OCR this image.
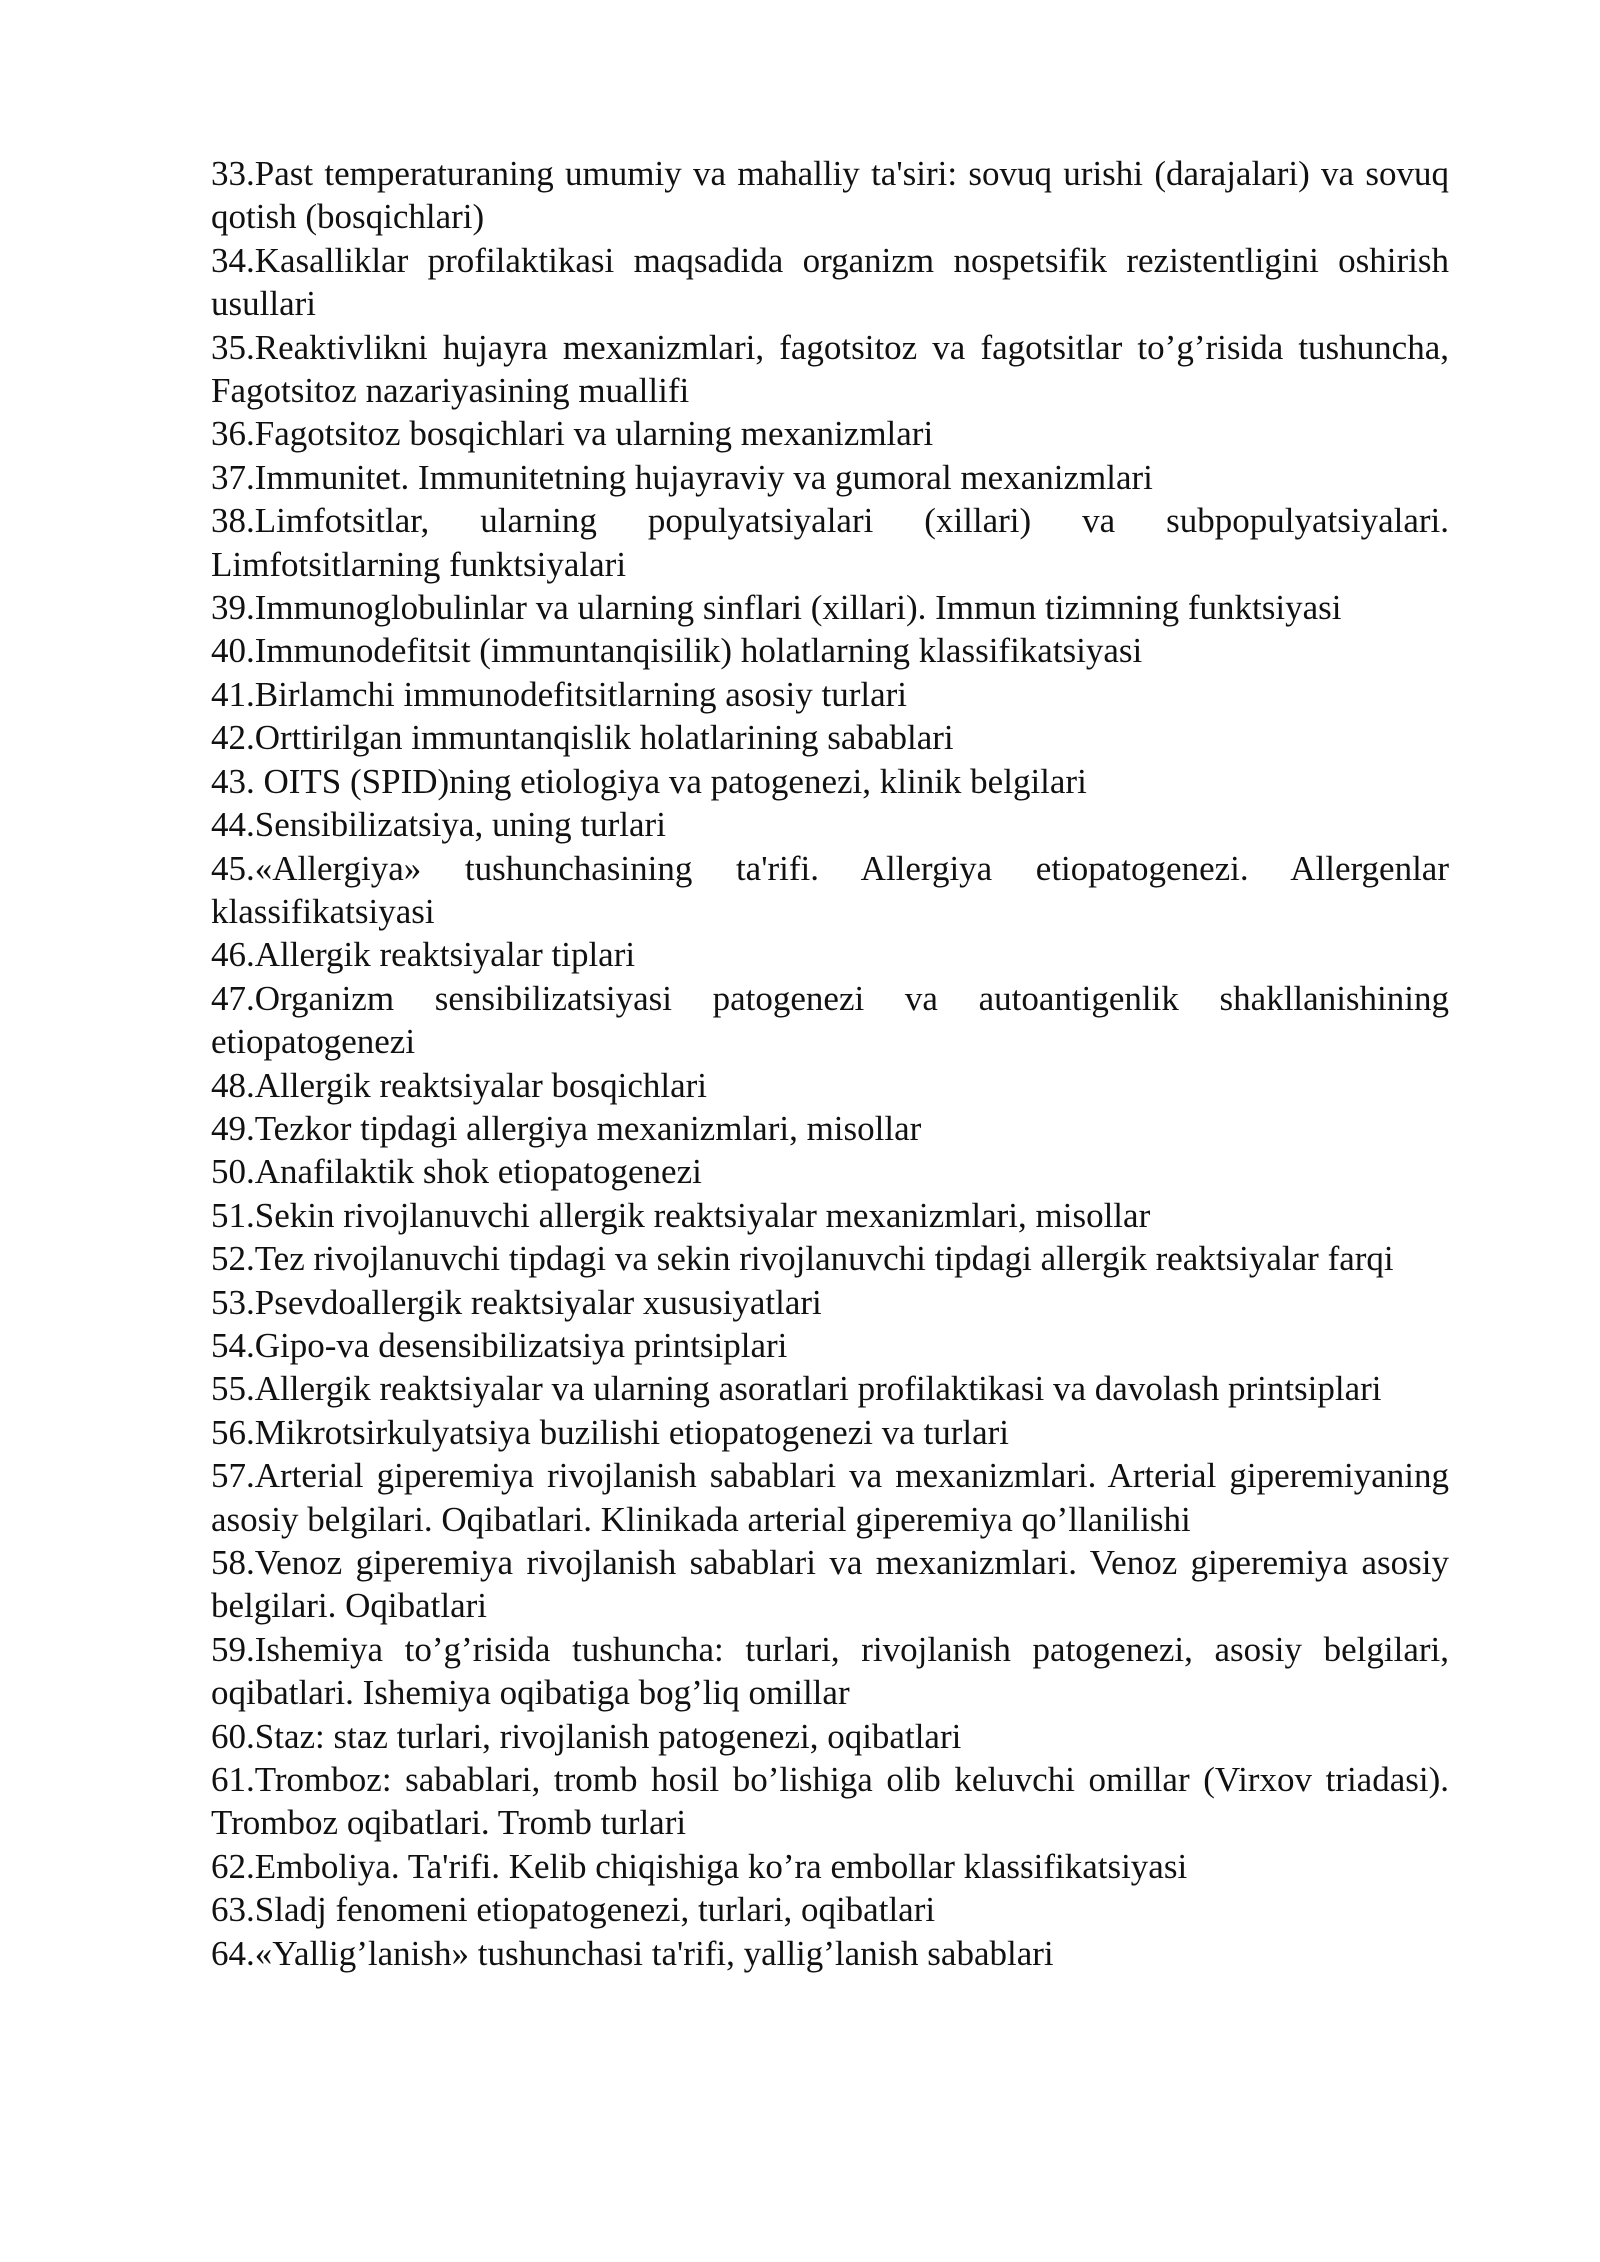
33.Past temperaturaning umumiy va mahalliy ta'siri: sovuq urishi (darajalari) va sovuq qotish (bosqichlari)

34.Kasalliklar profilaktikasi maqsadida organizm nospetsifik rezistentligini oshirish usullari

35.Reaktivlikni hujayra mexanizmlari, fagotsitoz va fagotsitlar to’g’risida tushuncha, Fagotsitoz nazariyasining muallifi

36.Fagotsitoz bosqichlari va ularning mexanizmlari

37.Immunitet. Immunitetning hujayraviy va gumoral mexanizmlari

38.Limfotsitlar, ularning populyatsiyalari (xillari) va subpopulyatsiyalari. Limfotsitlarning funktsiyalari

39.Immunoglobulinlar va ularning sinflari (xillari). Immun tizimning funktsiyasi

40.Immunodefitsit (immuntanqisilik) holatlarning klassifikatsiyasi

41.Birlamchi immunodefitsitlarning asosiy turlari

42.Orttirilgan immuntanqislik holatlarining sabablari

43. OITS (SPID)ning etiologiya va patogenezi, klinik belgilari

44.Sensibilizatsiya, uning turlari

45.«Allergiya» tushunchasining ta'rifi. Allergiya etiopatogenezi. Allergenlar klassifikatsiyasi

46.Allergik reaktsiyalar tiplari

47.Organizm sensibilizatsiyasi patogenezi va autoantigenlik shakllanishining etiopatogenezi

48.Allergik reaktsiyalar bosqichlari

49.Tezkor tipdagi allergiya mexanizmlari, misollar

50.Anafilaktik shok etiopatogenezi

51.Sekin rivojlanuvchi allergik reaktsiyalar mexanizmlari, misollar

52.Tez rivojlanuvchi tipdagi va sekin rivojlanuvchi tipdagi allergik reaktsiyalar farqi

53.Psevdoallergik reaktsiyalar xususiyatlari

54.Gipo-va desensibilizatsiya printsiplari

55.Allergik reaktsiyalar va ularning asoratlari profilaktikasi va davolash printsiplari

56.Mikrotsirkulyatsiya buzilishi etiopatogenezi va turlari

57.Arterial giperemiya rivojlanish sabablari va mexanizmlari. Arterial giperemiyaning asosiy belgilari. Oqibatlari. Klinikada arterial giperemiya qo’llanilishi

58.Venoz giperemiya rivojlanish sabablari va mexanizmlari. Venoz giperemiya asosiy belgilari. Oqibatlari

59.Ishemiya to’g’risida tushuncha: turlari, rivojlanish patogenezi, asosiy belgilari, oqibatlari. Ishemiya oqibatiga bog’liq omillar

60.Staz: staz turlari, rivojlanish patogenezi, oqibatlari

61.Tromboz: sabablari, tromb hosil bo’lishiga olib keluvchi omillar (Virxov triadasi). Tromboz oqibatlari. Tromb turlari

62.Emboliya. Ta'rifi. Kelib chiqishiga ko’ra embollar klassifikatsiyasi

63.Sladj fenomeni etiopatogenezi, turlari, oqibatlari

64.«Yallig’lanish» tushunchasi ta'rifi, yallig’lanish sabablari
